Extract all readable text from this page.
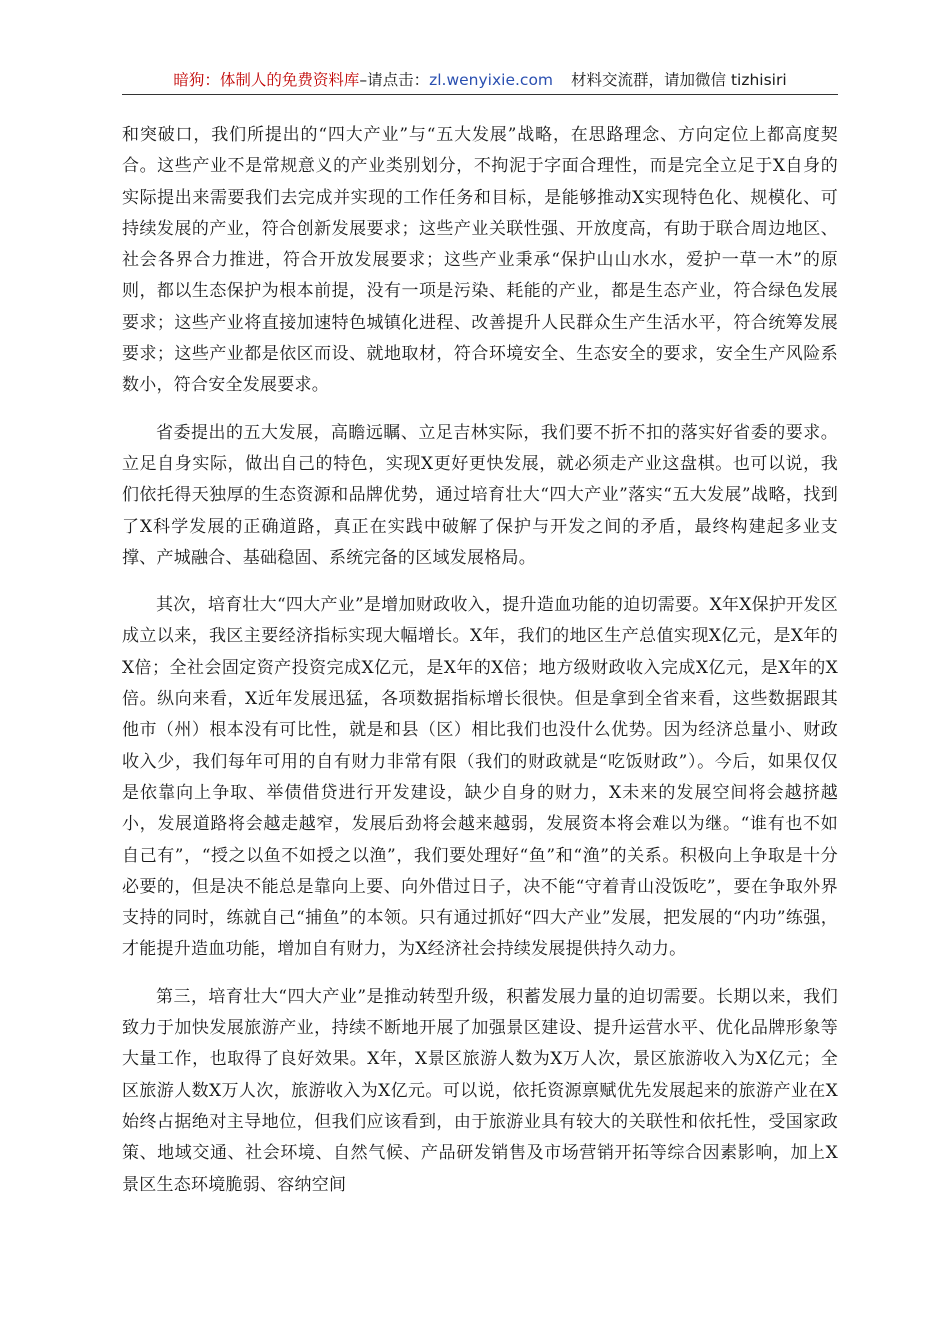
暗狗：体制人的免费资料库–请点击：zl.wenyixie.com 材料交流群，请加微信 tizhisiri

和突破口，我们所提出的“四大产业”与“五大发展”战略，在思路理念、方向定位上都高度契合。这些产业不是常规意义的产业类别划分，不拘泥于字面合理性，而是完全立足于X自身的实际提出来需要我们去完成并实现的工作任务和目标，是能够推动X实现特色化、规模化、可持续发展的产业，符合创新发展要求；这些产业关联性强、开放度高，有助于联合周边地区、社会各界合力推进，符合开放发展要求；这些产业秉承“保护山山水水，爱护一草一木”的原则，都以生态保护为根本前提，没有一项是污染、耗能的产业，都是生态产业，符合绿色发展要求；这些产业将直接加速特色城镇化进程、改善提升人民群众生产生活水平，符合统筹发展要求；这些产业都是依区而设、就地取材，符合环境安全、生态安全的要求，安全生产风险系数小，符合安全发展要求。

省委提出的五大发展，高瞻远瞩、立足吉林实际，我们要不折不扣的落实好省委的要求。立足自身实际，做出自己的特色，实现X更好更快发展，就必须走产业这盘棋。也可以说，我们依托得天独厚的生态资源和品牌优势，通过培育壮大“四大产业”落实“五大发展”战略，找到了X科学发展的正确道路，真正在实践中破解了保护与开发之间的矛盾，最终构建起多业支撑、产城融合、基础稳固、系统完备的区域发展格局。

其次，培育壮大“四大产业”是增加财政收入，提升造血功能的迫切需要。X年X保护开发区成立以来，我区主要经济指标实现大幅增长。X年，我们的地区生产总值实现X亿元，是X年的X倍；全社会固定资产投资完成X亿元，是X年的X倍；地方级财政收入完成X亿元，是X年的X倍。纵向来看，X近年发展迅猛，各项数据指标增长很快。但是拿到全省来看，这些数据跟其他市（州）根本没有可比性，就是和县（区）相比我们也没什么优势。因为经济总量小、财政收入少，我们每年可用的自有财力非常有限（我们的财政就是“吃饭财政”）。今后，如果仅仅是依靠向上争取、举债借贷进行开发建设，缺少自身的财力，X未来的发展空间将会越挤越小，发展道路将会越走越窄，发展后劲将会越来越弱，发展资本将会难以为继。“谁有也不如自己有”，“授之以鱼不如授之以渔”，我们要处理好“鱼”和“渔”的关系。积极向上争取是十分必要的，但是决不能总是靠向上要、向外借过日子，决不能“守着青山没饭吃”，要在争取外界支持的同时，练就自己“捕鱼”的本领。只有通过抓好“四大产业”发展，把发展的“内功”练强，才能提升造血功能，增加自有财力，为X经济社会持续发展提供持久动力。

第三，培育壮大“四大产业”是推动转型升级，积蓄发展力量的迫切需要。长期以来，我们致力于加快发展旅游产业，持续不断地开展了加强景区建设、提升运营水平、优化品牌形象等大量工作，也取得了良好效果。X年，X景区旅游人数为X万人次，景区旅游收入为X亿元；全区旅游人数X万人次，旅游收入为X亿元。可以说，依托资源禀赋优先发展起来的旅游产业在X始终占据绝对主导地位，但我们应该看到，由于旅游业具有较大的关联性和依托性，受国家政策、地域交通、社会环境、自然气候、产品研发销售及市场营销开拓等综合因素影响，加上X景区生态环境脆弱、容纳空间
